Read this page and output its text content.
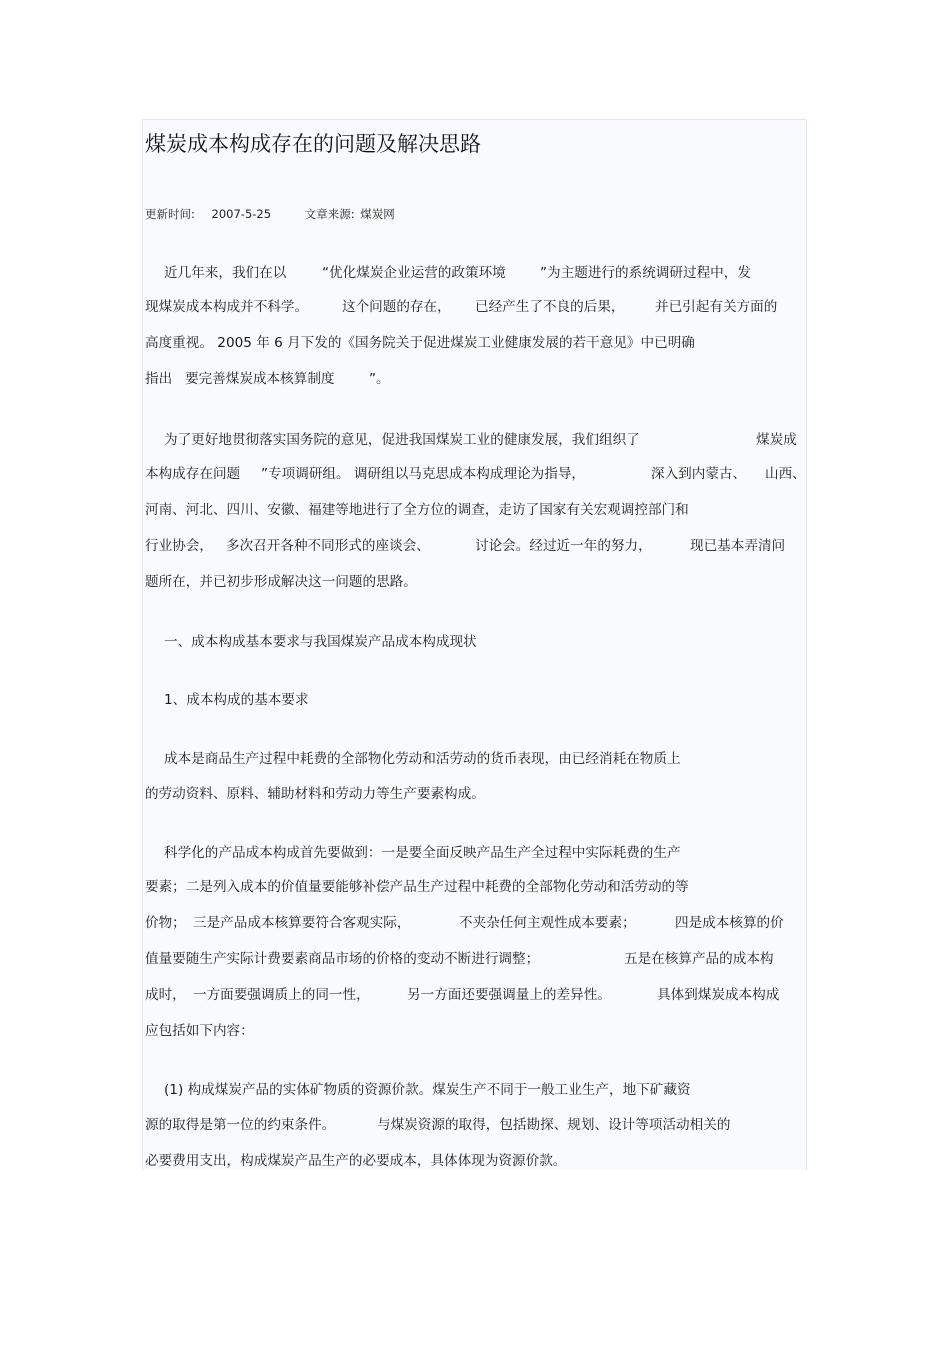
煤炭成本构成存在的问题及解决思路
更新时间: 2007-5-25	文章来源: 煤炭网
近几年来，我们在以	“优化煤炭企业运营的政策环境	”为主题进行的系统调研过程中，发
现煤炭成本构成并不科学。 这个问题的存在， 已经产生了不良的后果， 并已引起有关方面的
高度重视。 2005 年 6 月下发的《国务院关于促进煤炭工业健康发展的若干意见》中已明确
指出 要完善煤炭成本核算制度	”。
为了更好地贯彻落实国务院的意见，促进我国煤炭工业的健康发展，我们组织了	煤炭成
本构成存在问题 ”专项调研组。 调研组以马克思成本构成理论为指导，	深入到内蒙古、 山西、
河南、河北、四川、安徽、福建等地进行了全方位的调查，走访了国家有关宏观调控部门和
行业协会， 多次召开各种不同形式的座谈会、	讨论会。经过近一年的努力，	现已基本弄清问
题所在，并已初步形成解决这一问题的思路。
一、成本构成基本要求与我国煤炭产品成本构成现状
1、成本构成的基本要求
成本是商品生产过程中耗费的全部物化劳动和活劳动的货币表现，由已经消耗在物质上
的劳动资料、原料、辅助材料和劳动力等生产要素构成。
科学化的产品成本构成首先要做到：一是要全面反映产品生产全过程中实际耗费的生产
要素；二是列入成本的价值量要能够补偿产品生产过程中耗费的全部物化劳动和活劳动的等
价物； 三是产品成本核算要符合客观实际，	不夹杂任何主观性成本要素；	四是成本核算的价
值量要随生产实际计费要素商品市场的价格的变动不断进行调整；	五是在核算产品的成本构
成时， 一方面要强调质上的同一性，	另一方面还要强调量上的差异性。	具体到煤炭成本构成
应包括如下内容：
(1) 构成煤炭产品的实体矿物质的资源价款。煤炭生产不同于一般工业生产，地下矿藏资
源的取得是第一位的约束条件。	与煤炭资源的取得，包括勘探、规划、设计等项活动相关的
必要费用支出，构成煤炭产品生产的必要成本，具体体现为资源价款。
